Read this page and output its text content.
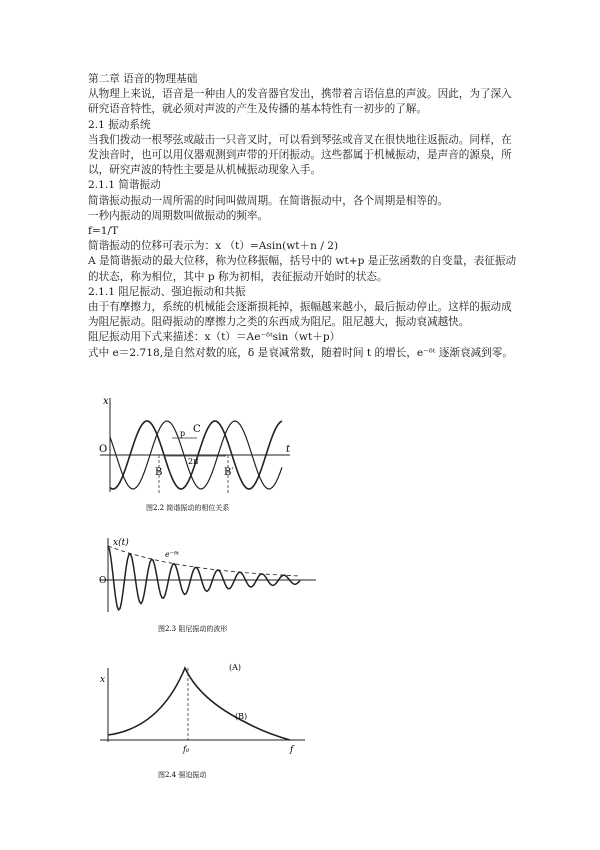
第二章 语音的物理基础

从物理上来说，语音是一种由人的发音器官发出，携带着言语信息的声波。因此，为了深入

研究语音特性，就必须对声波的产生及传播的基本特性有一初步的了解。

2.1 振动系统

当我们拨动一根琴弦或敲击一只音叉时，可以看到琴弦或音叉在很快地往返振动。同样，在

发浊音时，也可以用仪器观测到声带的开闭振动。这些都属于机械振动，是声音的源泉，所

以，研究声波的特性主要是从机械振动现象入手。

2.1.1 简谐振动

简谐振动振动一周所需的时间叫做周期。在简谐振动中，各个周期是相等的。

一秒内振动的周期数叫做振动的频率。

f=1/T

简谐振动的位移可表示为：x （t）=Asin(wt＋n / 2)

A 是简谐振动的最大位移，称为位移振幅，括号中的 wt+p 是正弦函数的自变量，表征振动

的状态，称为相位，其中 p 称为初相，表征振动开始时的状态。

2.1.1 阻尼振动、强迫振动和共振

由于有摩擦力，系统的机械能会逐渐损耗掉，振幅越来越小，最后振动停止。这样的振动成

为阻尼振动。阻碍振动的摩擦力之类的东西成为阻尼。阻尼越大，振动衰减越快。

阻尼振动用下式来描述：x（t）＝Ae⁻ᵟᵗsin（wt＋p）

式中 e＝2.718,是自然对数的底，δ 是衰减常数，随着时间 t 的增长，e⁻ᵟᵗ 逐渐衰减到零。

x
t
O
B
C
B′
p
2π
图2.2 简谐振动的相位关系
x(t)
O
e⁻ᵟᵗ
图2.3 阻尼振动的波形
x
f
f₀
(A)
(B)
图2.4 强迫振动
